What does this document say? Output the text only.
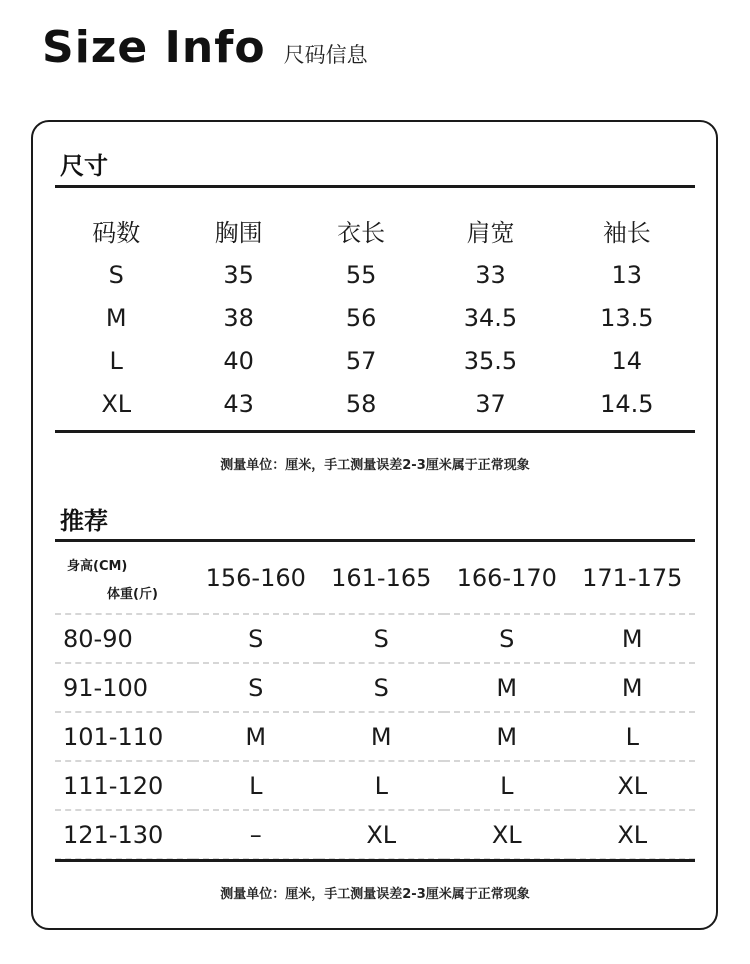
Size Info 尺码信息
尺寸
码数	胸围	衣长	肩宽	袖长
S	35	55	33	13
M	38	56	34.5	13.5
L	40	57	35.5	14
XL	43	58	37	14.5
测量单位：厘米，手工测量误差2-3厘米属于正常现象
推荐
身高(CM)
体重(斤)	156-160	161-165	166-170	171-175
80-90	S	S	S	M
91-100	S	S	M	M
101-110	M	M	M	L
111-120	L	L	L	XL
121-130	–	XL	XL	XL
测量单位：厘米，手工测量误差2-3厘米属于正常现象
